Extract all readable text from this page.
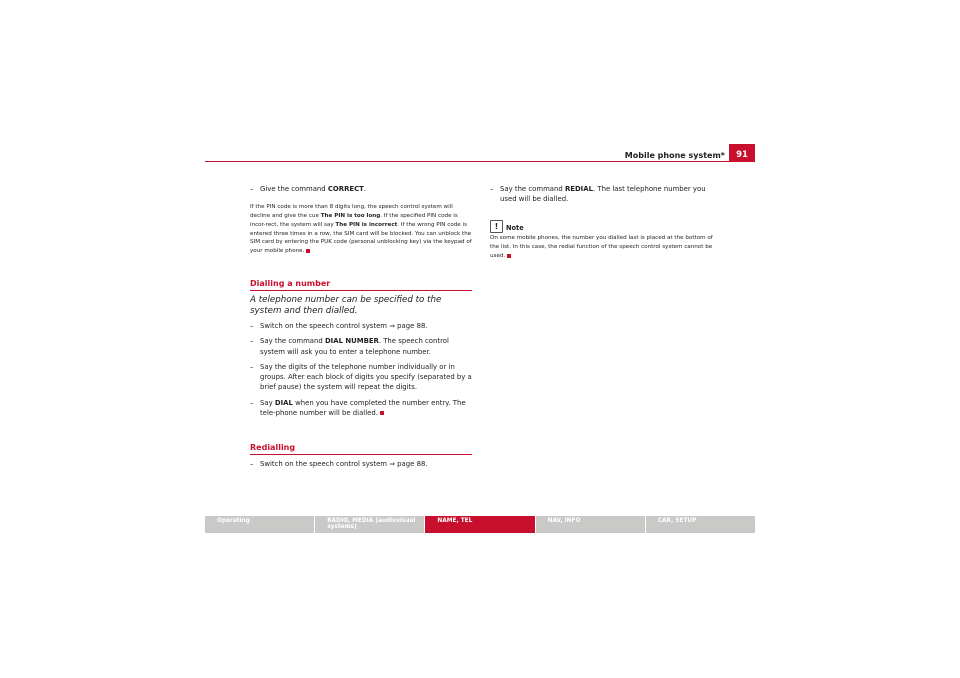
Mobile phone system*	91
– Give the command CORRECT.

If the PIN code is more than 8 digits long, the speech control system will decline and give the cue The PIN is too long. If the specified PIN code is incor-rect, the system will say The PIN is incorrect. If the wrong PIN code is entered three times in a row, the SIM card will be blocked. You can unblock the SIM card by entering the PUK code (personal unblocking key) via the keypad of your mobile phone.

Dialling a number
A telephone number can be specified to the system and then dialled.
– Switch on the speech control system ⇒ page 88.
– Say the command DIAL NUMBER. The speech control system will ask you to enter a telephone number.
– Say the digits of the telephone number individually or in groups. After each block of digits you specify (separated by a brief pause) the system will repeat the digits.
– Say DIAL when you have completed the number entry. The tele-phone number will be dialled.
Redialling
– Switch on the speech control system ⇒ page 88.
– Say the command REDIAL. The last telephone number you used will be dialled.
!	Note

On some mobile phones, the number you dialled last is placed at the bottom of the list. In this case, the redial function of the speech control system cannot be used.

Operating	RADIO, MEDIA (audiovisual systems)
NAME, TEL	NAV, INFO	CAR, SETUP
